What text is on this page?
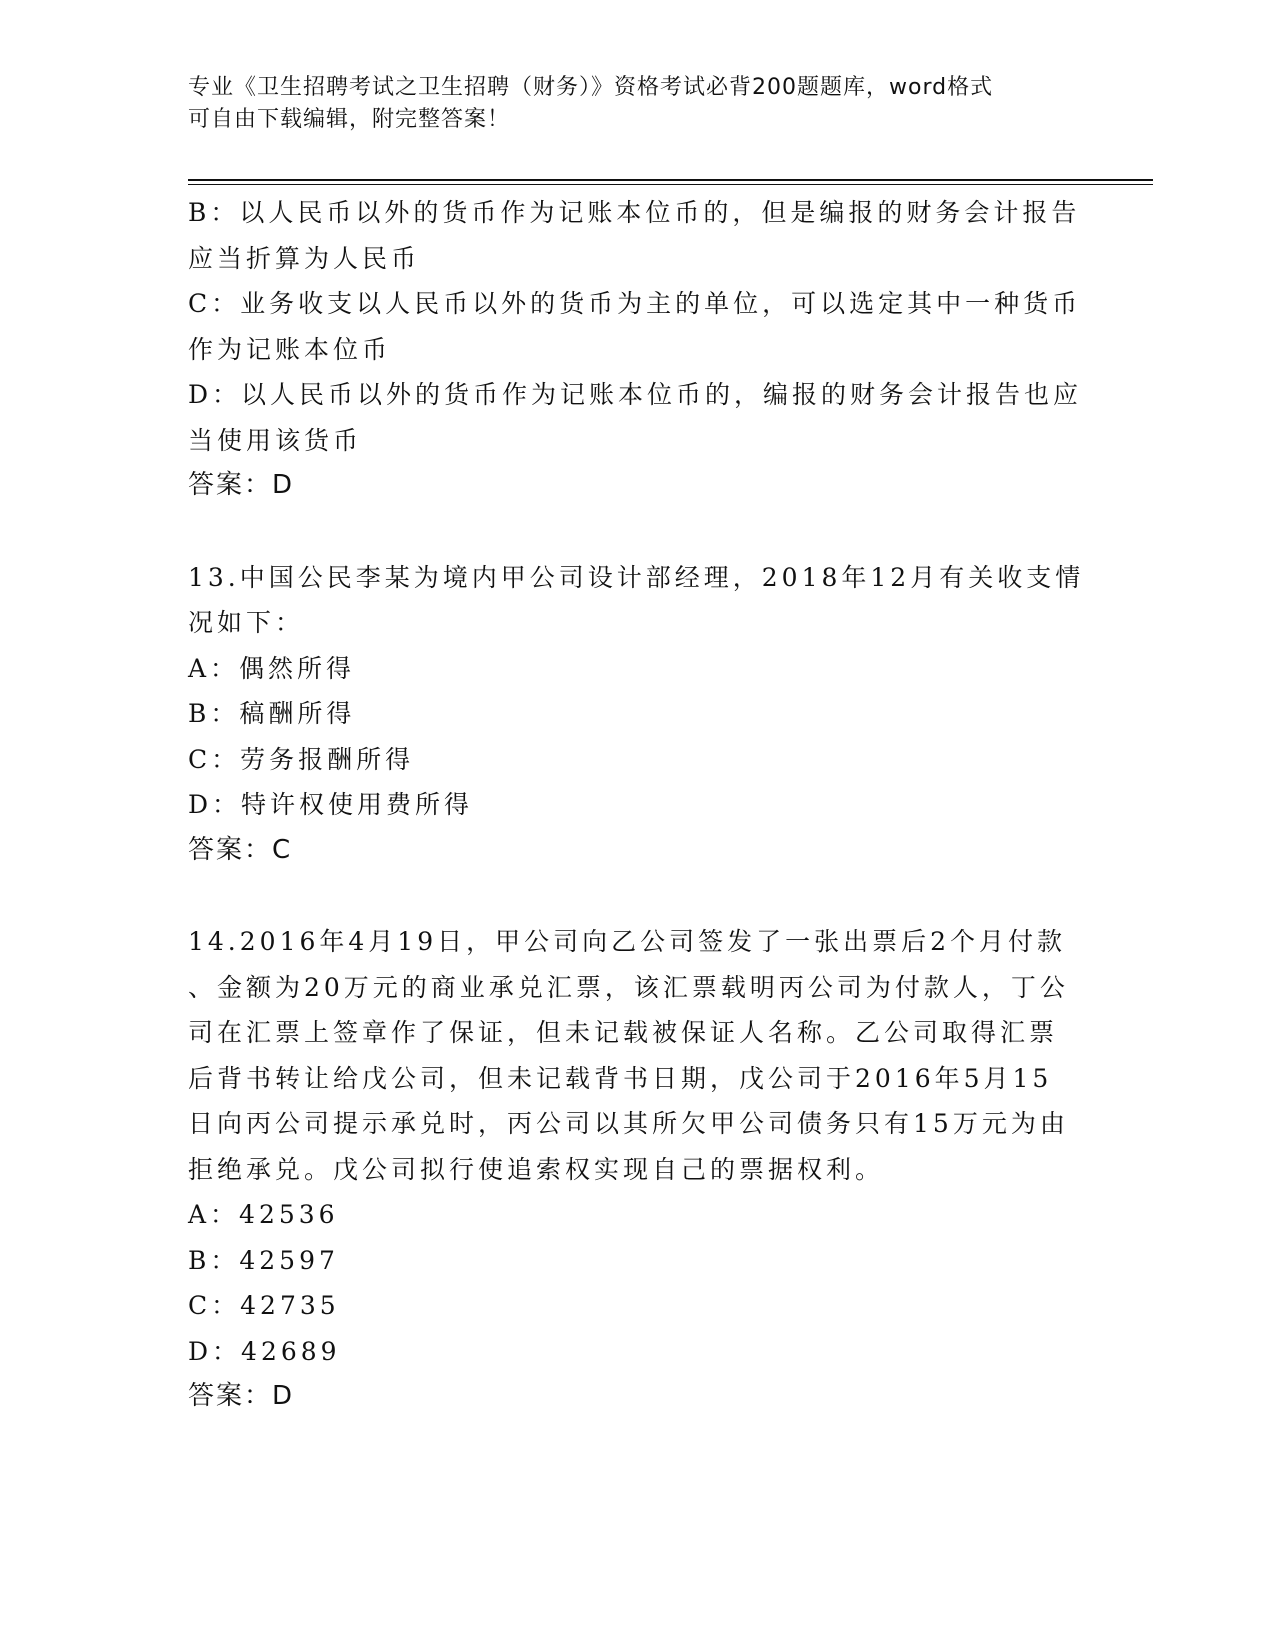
专业《卫生招聘考试之卫生招聘（财务）》资格考试必背200题题库，word格式
可自由下载编辑，附完整答案！
B：以人民币以外的货币作为记账本位币的，但是编报的财务会计报告
应当折算为人民币
C：业务收支以人民币以外的货币为主的单位，可以选定其中一种货币
作为记账本位币
D：以人民币以外的货币作为记账本位币的，编报的财务会计报告也应
当使用该货币
答案：D
13.中国公民李某为境内甲公司设计部经理，2018年12月有关收支情
况如下：
A：偶然所得
B：稿酬所得
C：劳务报酬所得
D：特许权使用费所得
答案：C
14.2016年4月19日，甲公司向乙公司签发了一张出票后2个月付款
、金额为20万元的商业承兑汇票，该汇票载明丙公司为付款人，丁公
司在汇票上签章作了保证，但未记载被保证人名称。乙公司取得汇票
后背书转让给戊公司，但未记载背书日期，戊公司于2016年5月15
日向丙公司提示承兑时，丙公司以其所欠甲公司债务只有15万元为由
拒绝承兑。戊公司拟行使追索权实现自己的票据权利。
A：42536
B：42597
C：42735
D：42689
答案：D
